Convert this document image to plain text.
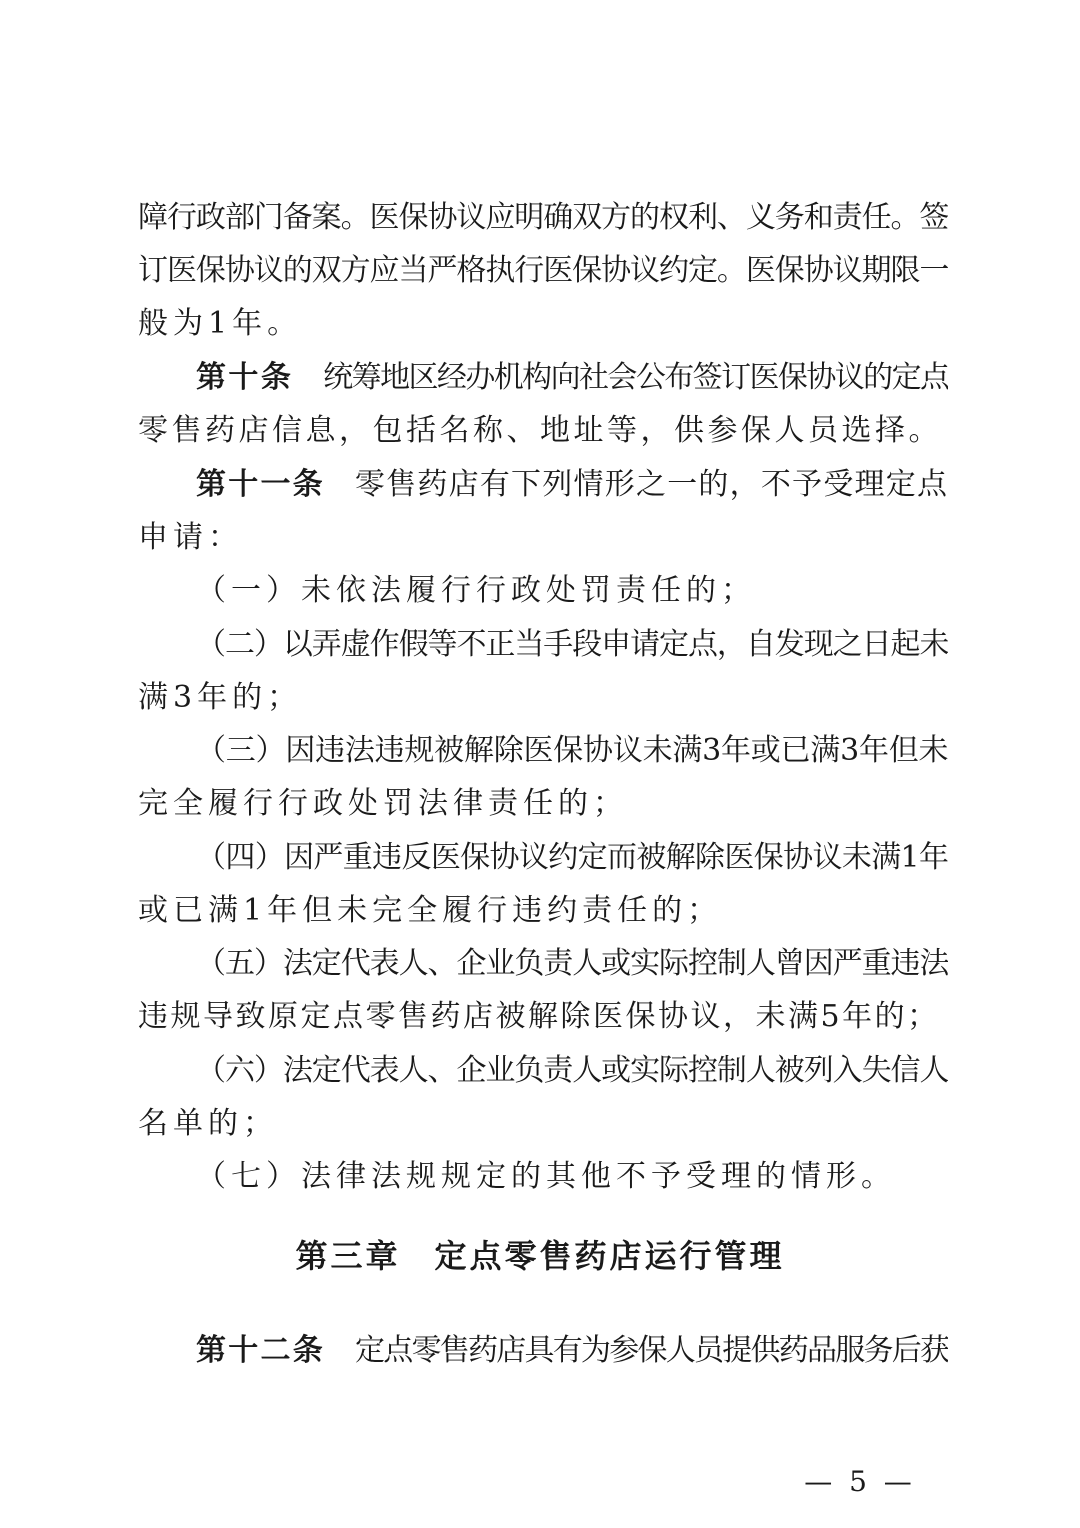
障行政部门备案。医保协议应明确双方的权利、义务和责任。签
订医保协议的双方应当严格执行医保协议约定。医保协议期限一
般为1年。
第十条 统筹地区经办机构向社会公布签订医保协议的定点
零售药店信息，包括名称、地址等，供参保人员选择。
第十一条 零售药店有下列情形之一的，不予受理定点
申请：
（一）未依法履行行政处罚责任的；
（二）以弄虚作假等不正当手段申请定点，自发现之日起未
满3年的；
（三）因违法违规被解除医保协议未满3年或已满3年但未
完全履行行政处罚法律责任的；
（四）因严重违反医保协议约定而被解除医保协议未满1年
或已满1年但未完全履行违约责任的；
（五）法定代表人、企业负责人或实际控制人曾因严重违法
违规导致原定点零售药店被解除医保协议，未满5年的；
（六）法定代表人、企业负责人或实际控制人被列入失信人
名单的；
（七）法律法规规定的其他不予受理的情形。
第三章 定点零售药店运行管理
第十二条 定点零售药店具有为参保人员提供药品服务后获
— 5 —
